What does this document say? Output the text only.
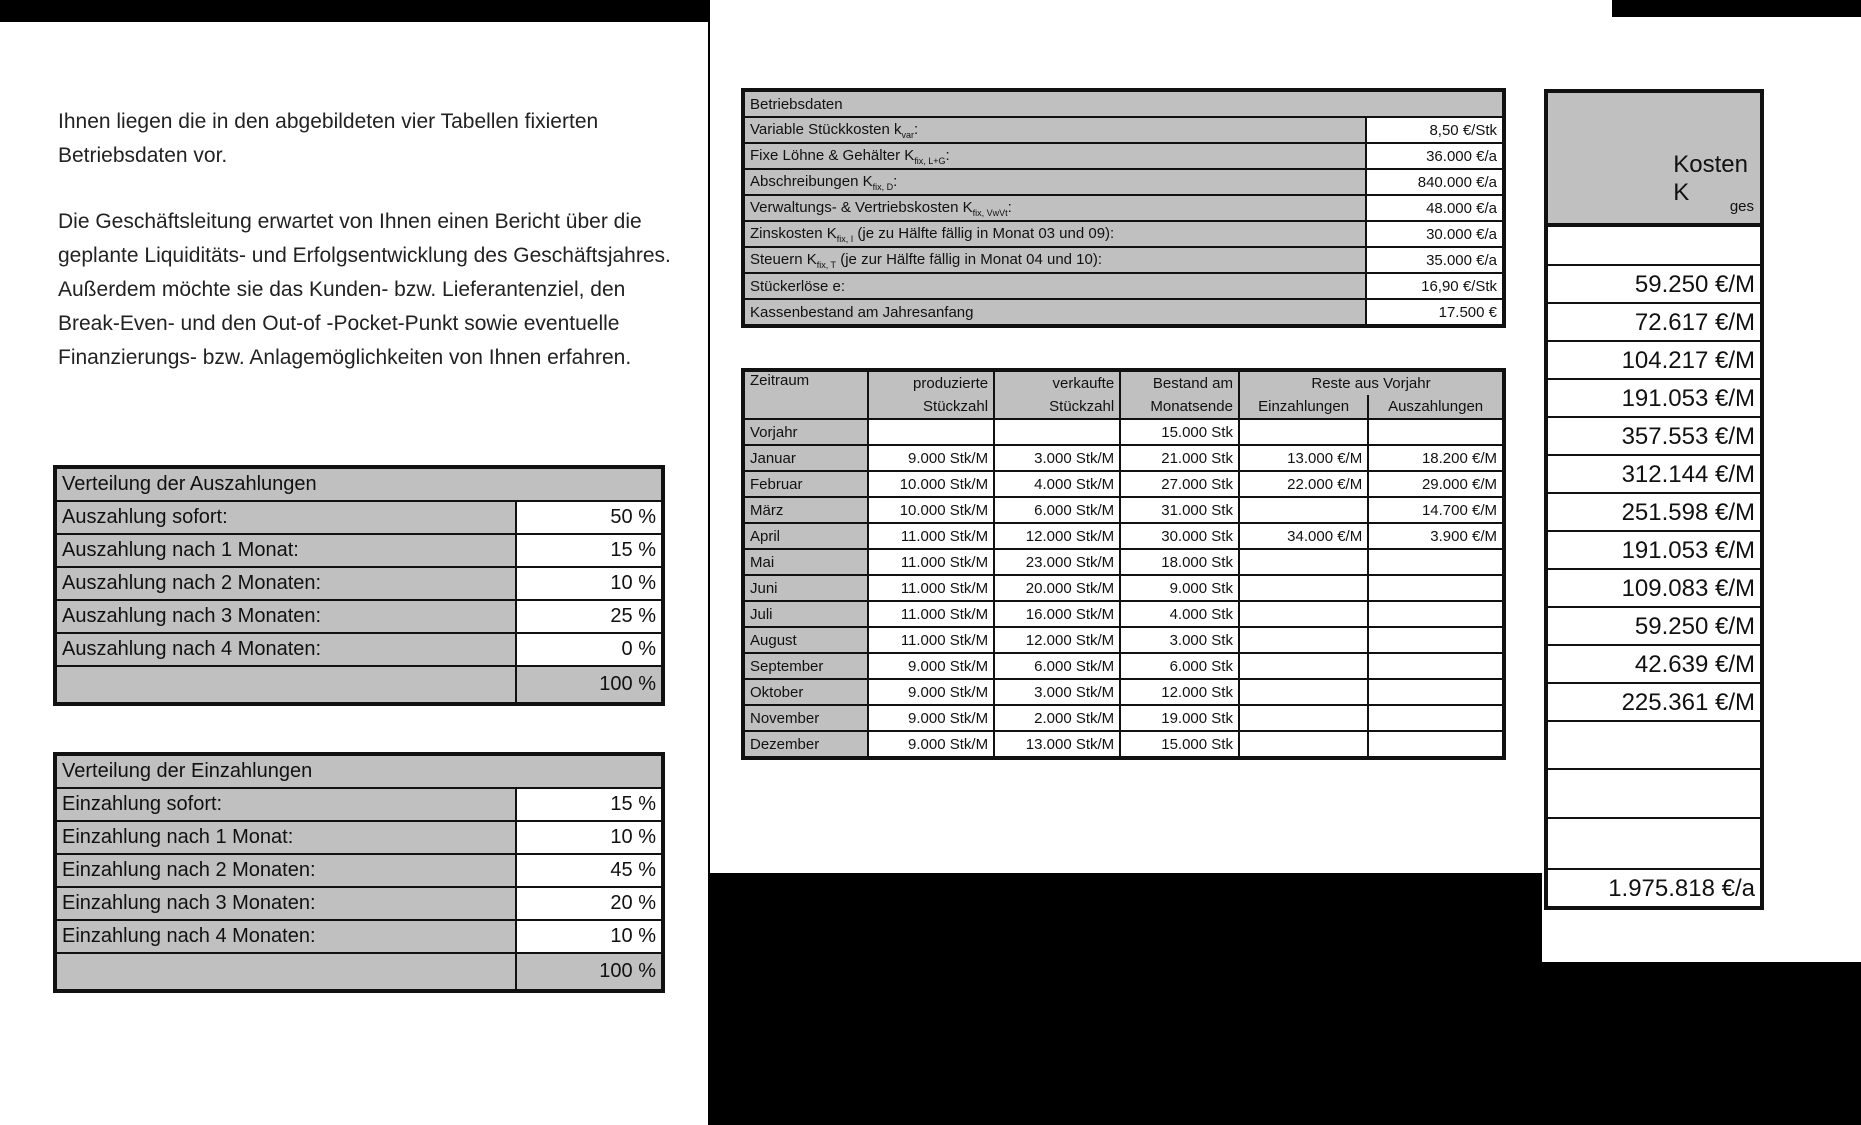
Ihnen liegen die in den abgebildeten vier Tabellen fixierten Betriebsdaten vor.

Die Geschäftsleitung erwartet von Ihnen einen Bericht über die geplante Liquiditäts- und Erfolgsentwicklung des Geschäftsjahres. Außerdem möchte sie das Kunden- bzw. Lieferantenziel, den Break-Even- und den Out-of -Pocket-Punkt sowie eventuelle Finanzierungs- bzw. Anlagemöglichkeiten von Ihnen erfahren.

Verteilung der Auszahlungen	
Auszahlung sofort:	50 %
Auszahlung nach 1 Monat:	15 %
Auszahlung nach 2 Monaten:	10 %
Auszahlung nach 3 Monaten:	25 %
Auszahlung nach 4 Monaten:	0 %
	100 %
Verteilung der Einzahlungen	
Einzahlung sofort:	15 %
Einzahlung nach 1 Monat:	10 %
Einzahlung nach 2 Monaten:	45 %
Einzahlung nach 3 Monaten:	20 %
Einzahlung nach 4 Monaten:	10 %
	100 %
Betriebsdaten	
Variable Stückkosten $k_{var}$:	8,50 €/Stk
Fixe Löhne & Gehälter $K_{fix, L+G}$:	36.000 €/a
Abschreibungen $K_{fix, D}$:	840.000 €/a
Verwaltungs- & Vertriebskosten $K_{fix, VwVt}$:	48.000 €/a
Zinskosten $K_{fix, I}$ (je zu Hälfte fällig in Monat 03 und 09):	30.000 €/a
Steuern $K_{fix, T}$ (je zur Hälfte fällig in Monat 04 und 10):	35.000 €/a
Stückerlöse e:	16,90 €/Stk
Kassenbestand am Jahresanfang	17.500 €
Zeitraum	produzierte	verkaufte	Bestand am	Reste aus Vorjahr	
	Stückzahl	Stückzahl	Monatsende	Einzahlungen	Auszahlungen
Vorjahr			15.000 Stk		
Januar	9.000 Stk/M	3.000 Stk/M	21.000 Stk	13.000 €/M	18.200 €/M
Februar	10.000 Stk/M	4.000 Stk/M	27.000 Stk	22.000 €/M	29.000 €/M
März	10.000 Stk/M	6.000 Stk/M	31.000 Stk		14.700 €/M
April	11.000 Stk/M	12.000 Stk/M	30.000 Stk	34.000 €/M	3.900 €/M
Mai	11.000 Stk/M	23.000 Stk/M	18.000 Stk		
Juni	11.000 Stk/M	20.000 Stk/M	9.000 Stk		
Juli	11.000 Stk/M	16.000 Stk/M	4.000 Stk		
August	11.000 Stk/M	12.000 Stk/M	3.000 Stk		
September	9.000 Stk/M	6.000 Stk/M	6.000 Stk		
Oktober	9.000 Stk/M	3.000 Stk/M	12.000 Stk		
November	9.000 Stk/M	2.000 Stk/M	19.000 Stk		
Dezember	9.000 Stk/M	13.000 Stk/M	15.000 Stk		
Kosten K
$_{ges}$
59.250 €/M
72.617 €/M
104.217 €/M
191.053 €/M
357.553 €/M
312.144 €/M
251.598 €/M
191.053 €/M
109.083 €/M
59.250 €/M
42.639 €/M
225.361 €/M
1.975.818 €/a
